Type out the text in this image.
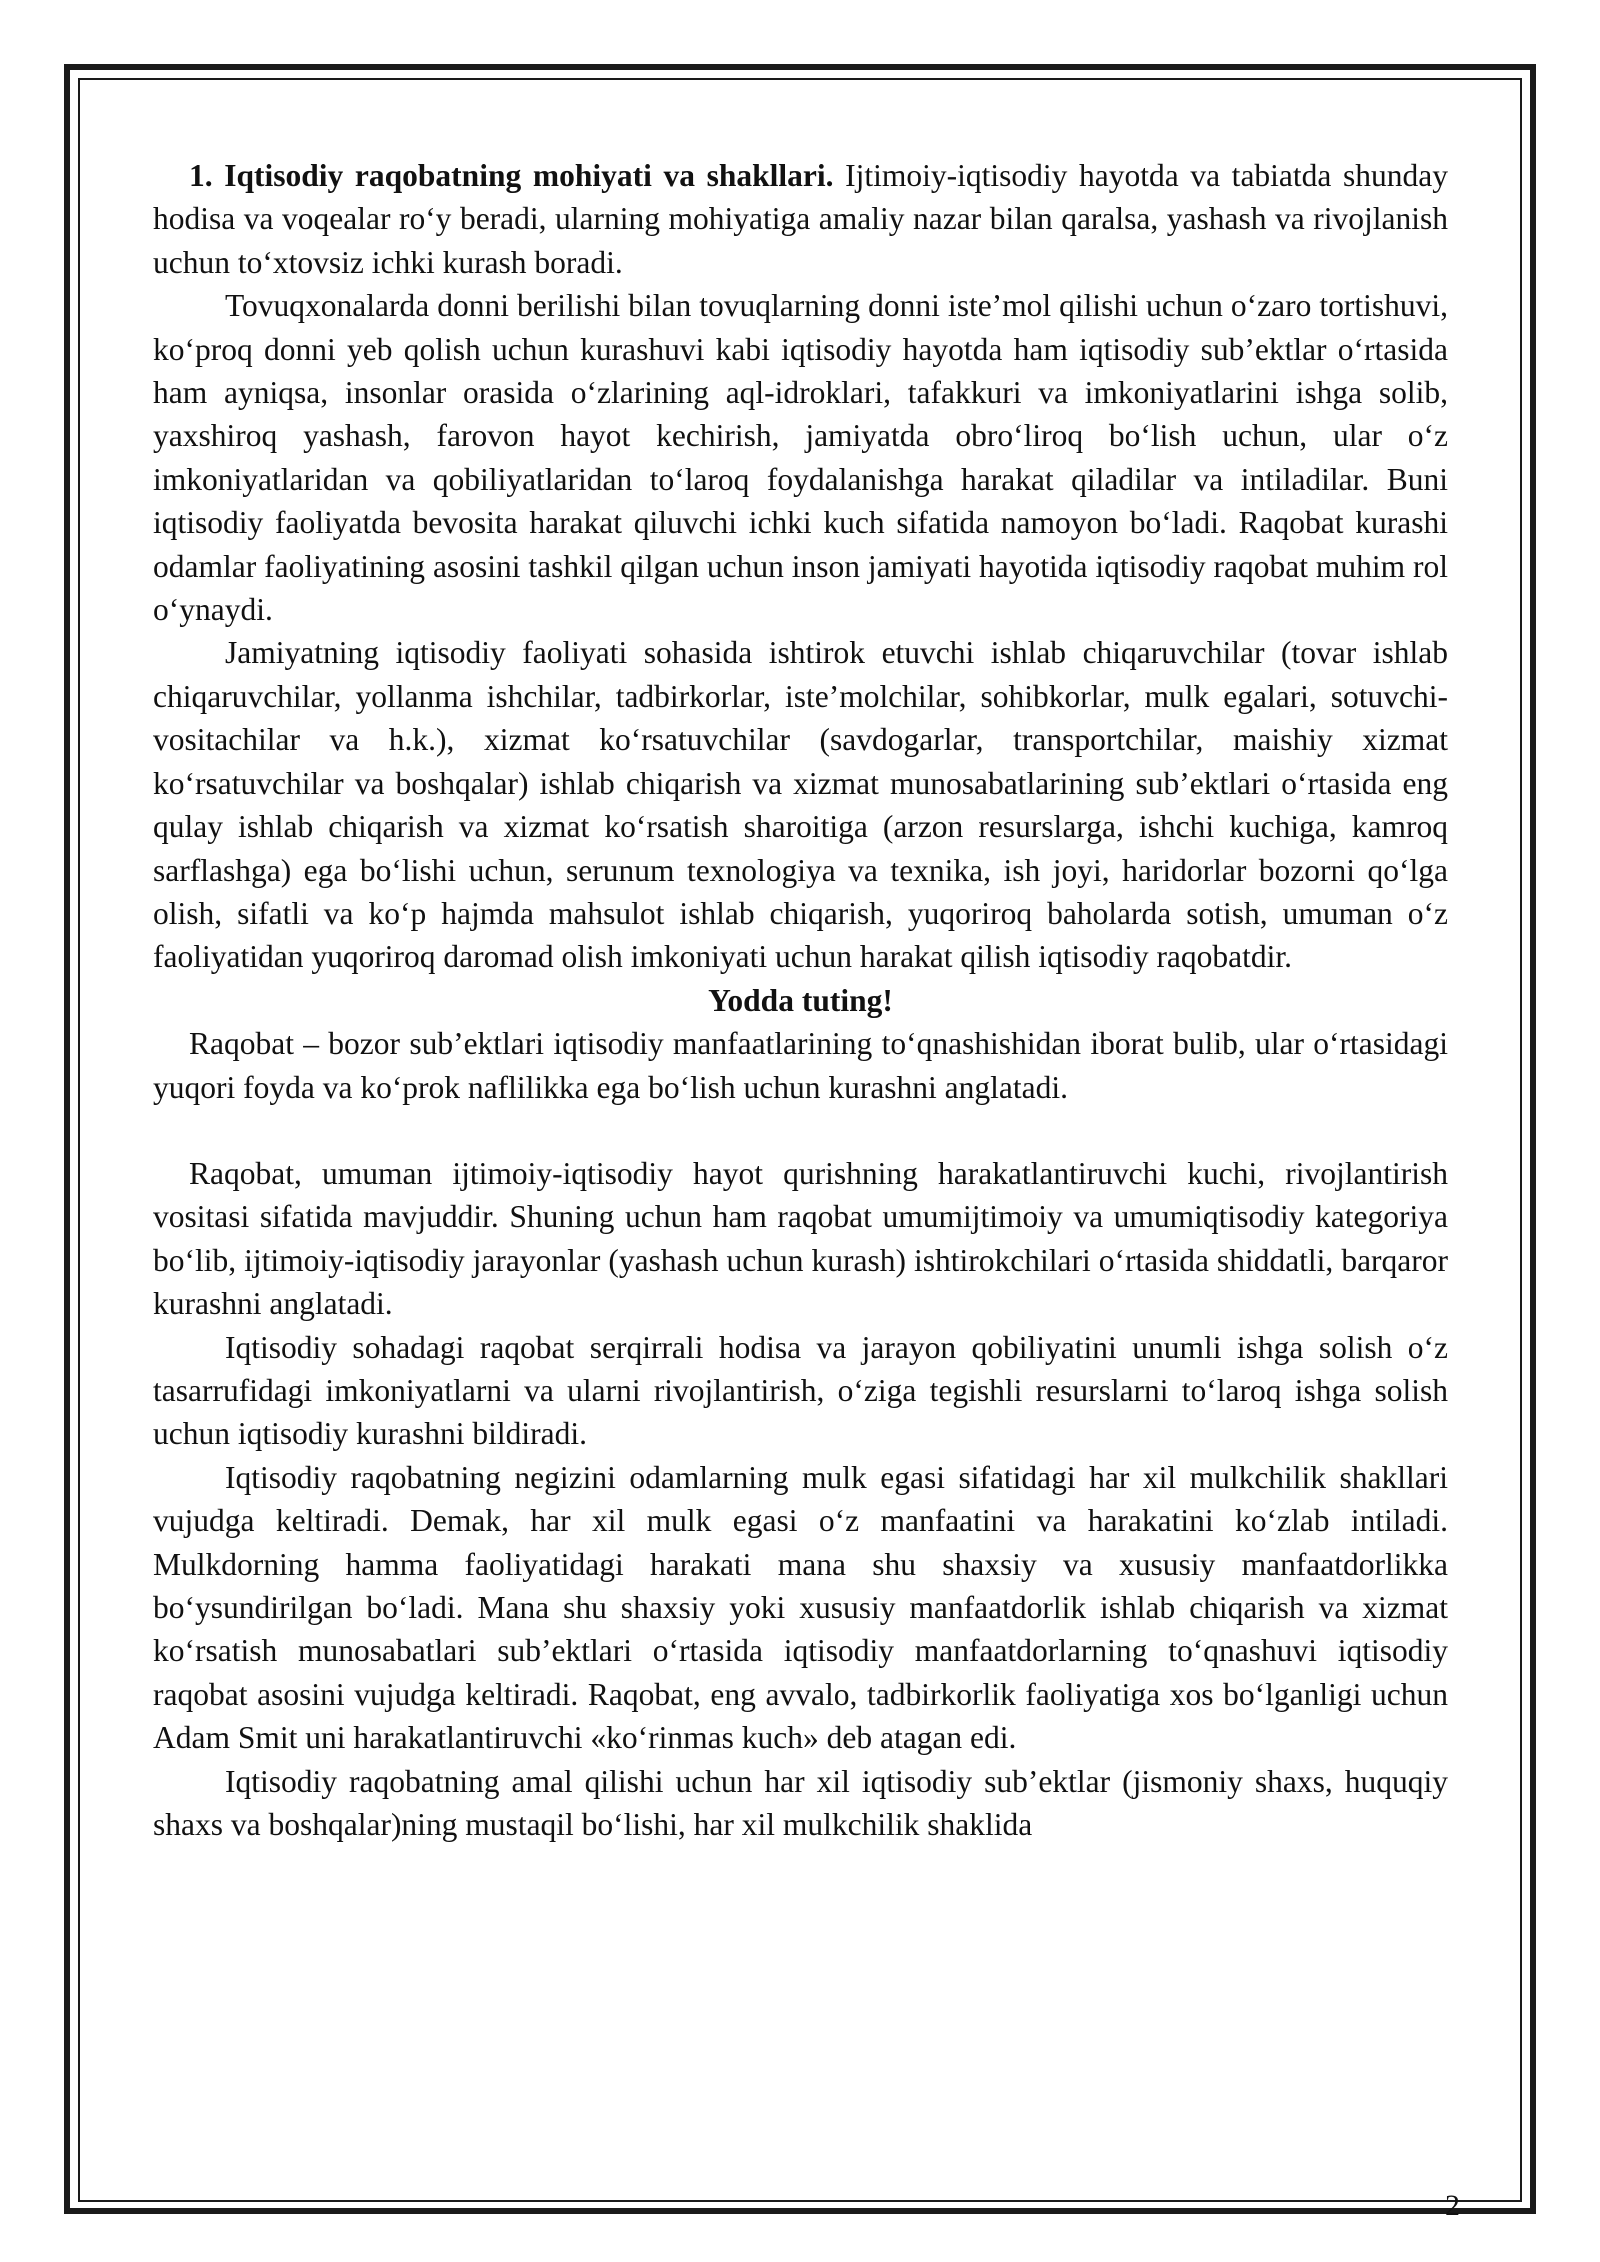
1. Iqtisodiy raqobatning mohiyati va shakllari. Ijtimoiy-iqtisodiy hayotda va tabiatda shunday hodisa va voqealar ro‘y beradi, ularning mohiyatiga amaliy nazar bilan qaralsa, yashash va rivojlanish uchun to‘xtovsiz ichki kurash boradi.

Tovuqxonalarda donni berilishi bilan tovuqlarning donni iste’mol qilishi uchun o‘zaro tortishuvi, ko‘proq donni yeb qolish uchun kurashuvi kabi iqtisodiy hayotda ham iqtisodiy sub’ektlar o‘rtasida ham ayniqsa, insonlar orasida o‘zlarining aql-idroklari, tafakkuri va imkoniyatlarini ishga solib, yaxshiroq yashash, farovon hayot kechirish, jamiyatda obro‘liroq bo‘lish uchun, ular o‘z imkoniyatlaridan va qobiliyatlaridan to‘laroq foydalanishga harakat qiladilar va intiladilar. Buni iqtisodiy faoliyatda bevosita harakat qiluvchi ichki kuch sifatida namoyon bo‘ladi. Raqobat kurashi odamlar faoliyatining asosini tashkil qilgan uchun inson jamiyati hayotida iqtisodiy raqobat muhim rol o‘ynaydi.

Jamiyatning iqtisodiy faoliyati sohasida ishtirok etuvchi ishlab chiqaruvchilar (tovar ishlab chiqaruvchilar, yollanma ishchilar, tadbirkorlar, iste’molchilar, sohibkorlar, mulk egalari, sotuvchi-vositachilar va h.k.), xizmat ko‘rsatuvchilar (savdogarlar, transportchilar, maishiy xizmat ko‘rsatuvchilar va boshqalar) ishlab chiqarish va xizmat munosabatlarining sub’ektlari o‘rtasida eng qulay ishlab chiqarish va xizmat ko‘rsatish sharoitiga (arzon resurslarga, ishchi kuchiga, kamroq sarflashga) ega bo‘lishi uchun, serunum texnologiya va texnika, ish joyi, haridorlar bozorni qo‘lga olish, sifatli va ko‘p hajmda mahsulot ishlab chiqarish, yuqoriroq baholarda sotish, umuman o‘z faoliyatidan yuqoriroq daromad olish imkoniyati uchun harakat qilish iqtisodiy raqobatdir.

Yodda tuting!

Raqobat – bozor sub’ektlari iqtisodiy manfaatlarining to‘qnashishidan iborat bulib, ular o‘rtasidagi yuqori foyda va ko‘prok naflilikka ega bo‘lish uchun kurashni anglatadi.

Raqobat, umuman ijtimoiy-iqtisodiy hayot qurishning harakatlantiruvchi kuchi, rivojlantirish vositasi sifatida mavjuddir. Shuning uchun ham raqobat umumijtimoiy va umumiqtisodiy kategoriya bo‘lib, ijtimoiy-iqtisodiy jarayonlar (yashash uchun kurash) ishtirokchilari o‘rtasida shiddatli, barqaror kurashni anglatadi.

Iqtisodiy sohadagi raqobat serqirrali hodisa va jarayon qobiliyatini unumli ishga solish o‘z tasarrufidagi imkoniyatlarni va ularni rivojlantirish, o‘ziga tegishli resurslarni to‘laroq ishga solish uchun iqtisodiy kurashni bildiradi.

Iqtisodiy raqobatning negizini odamlarning mulk egasi sifatidagi har xil mulkchilik shakllari vujudga keltiradi. Demak, har xil mulk egasi o‘z manfaatini va harakatini ko‘zlab intiladi. Mulkdorning hamma faoliyatidagi harakati mana shu shaxsiy va xususiy manfaatdorlikka bo‘ysundirilgan bo‘ladi. Mana shu shaxsiy yoki xususiy manfaatdorlik ishlab chiqarish va xizmat ko‘rsatish munosabatlari sub’ektlari o‘rtasida iqtisodiy manfaatdorlarning to‘qnashuvi iqtisodiy raqobat asosini vujudga keltiradi. Raqobat, eng avvalo, tadbirkorlik faoliyatiga xos bo‘lganligi uchun Adam Smit uni harakatlantiruvchi «ko‘rinmas kuch» deb atagan edi.

Iqtisodiy raqobatning amal qilishi uchun har xil iqtisodiy sub’ektlar (jismoniy shaxs, huquqiy shaxs va boshqalar)ning mustaqil bo‘lishi, har xil mulkchilik shaklida

2
